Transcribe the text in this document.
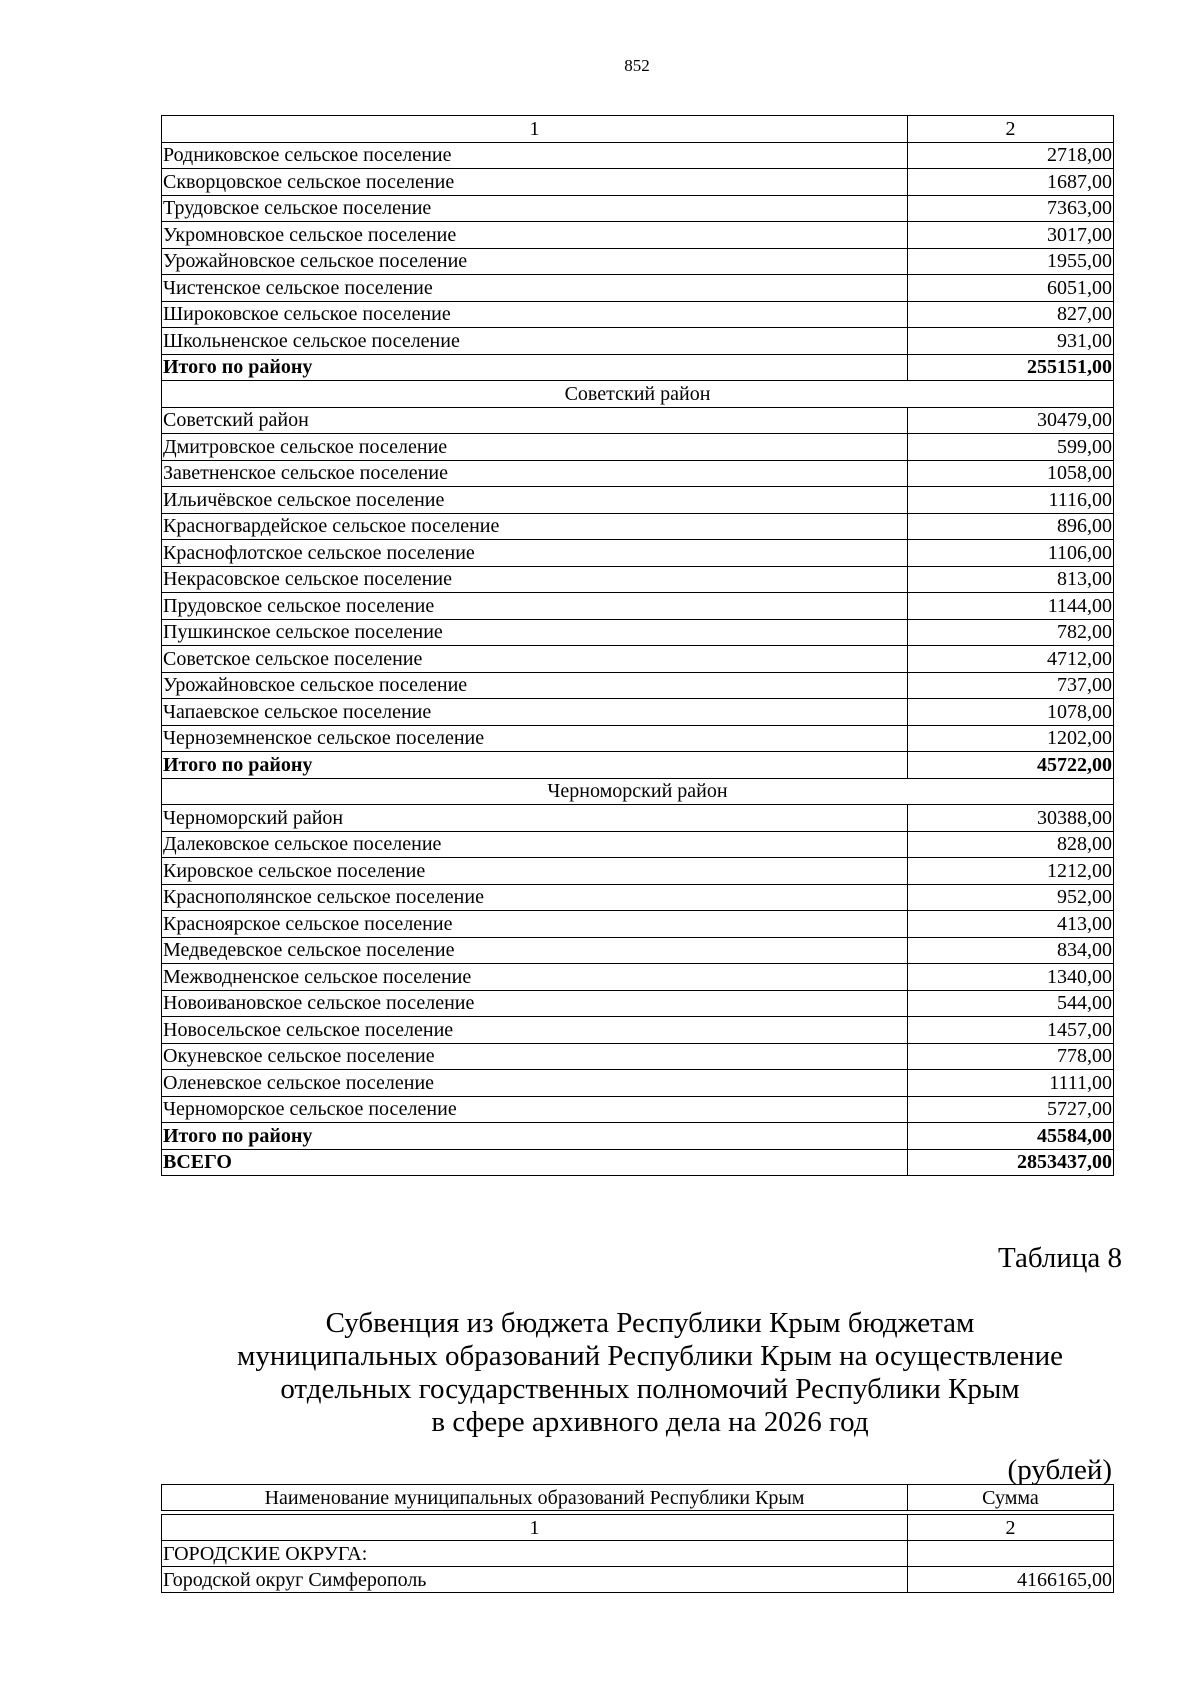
852
1	2
Родниковское сельское поселение	2718,00
Скворцовское сельское поселение	1687,00
Трудовское сельское поселение	7363,00
Укромновское сельское поселение	3017,00
Урожайновское сельское поселение	1955,00
Чистенское сельское поселение	6051,00
Широковское сельское поселение	827,00
Школьненское сельское поселение	931,00
Итого по району	255151,00
Советский район	
Советский район	30479,00
Дмитровское сельское поселение	599,00
Заветненское сельское поселение	1058,00
Ильичёвское сельское поселение	1116,00
Красногвардейское сельское поселение	896,00
Краснофлотское сельское поселение	1106,00
Некрасовское сельское поселение	813,00
Прудовское сельское поселение	1144,00
Пушкинское сельское поселение	782,00
Советское сельское поселение	4712,00
Урожайновское сельское поселение	737,00
Чапаевское сельское поселение	1078,00
Черноземненское сельское поселение	1202,00
Итого по району	45722,00
Черноморский район	
Черноморский район	30388,00
Далековское сельское поселение	828,00
Кировское сельское поселение	1212,00
Краснополянское сельское поселение	952,00
Красноярское сельское поселение	413,00
Медведевское сельское поселение	834,00
Межводненское сельское поселение	1340,00
Новоивановское сельское поселение	544,00
Новосельское сельское поселение	1457,00
Окуневское сельское поселение	778,00
Оленевское сельское поселение	1111,00
Черноморское сельское поселение	5727,00
Итого по району	45584,00
ВСЕГО	2853437,00
Таблица 8
Субвенция из бюджета Республики Крым бюджетам
муниципальных образований Республики Крым на осуществление
отдельных государственных полномочий Республики Крым
в сфере архивного дела на 2026 год
(рублей)
Наименование муниципальных образований Республики Крым	Сумма

1	2
ГОРОДСКИЕ ОКРУГА:	
Городской округ Симферополь	4166165,00
